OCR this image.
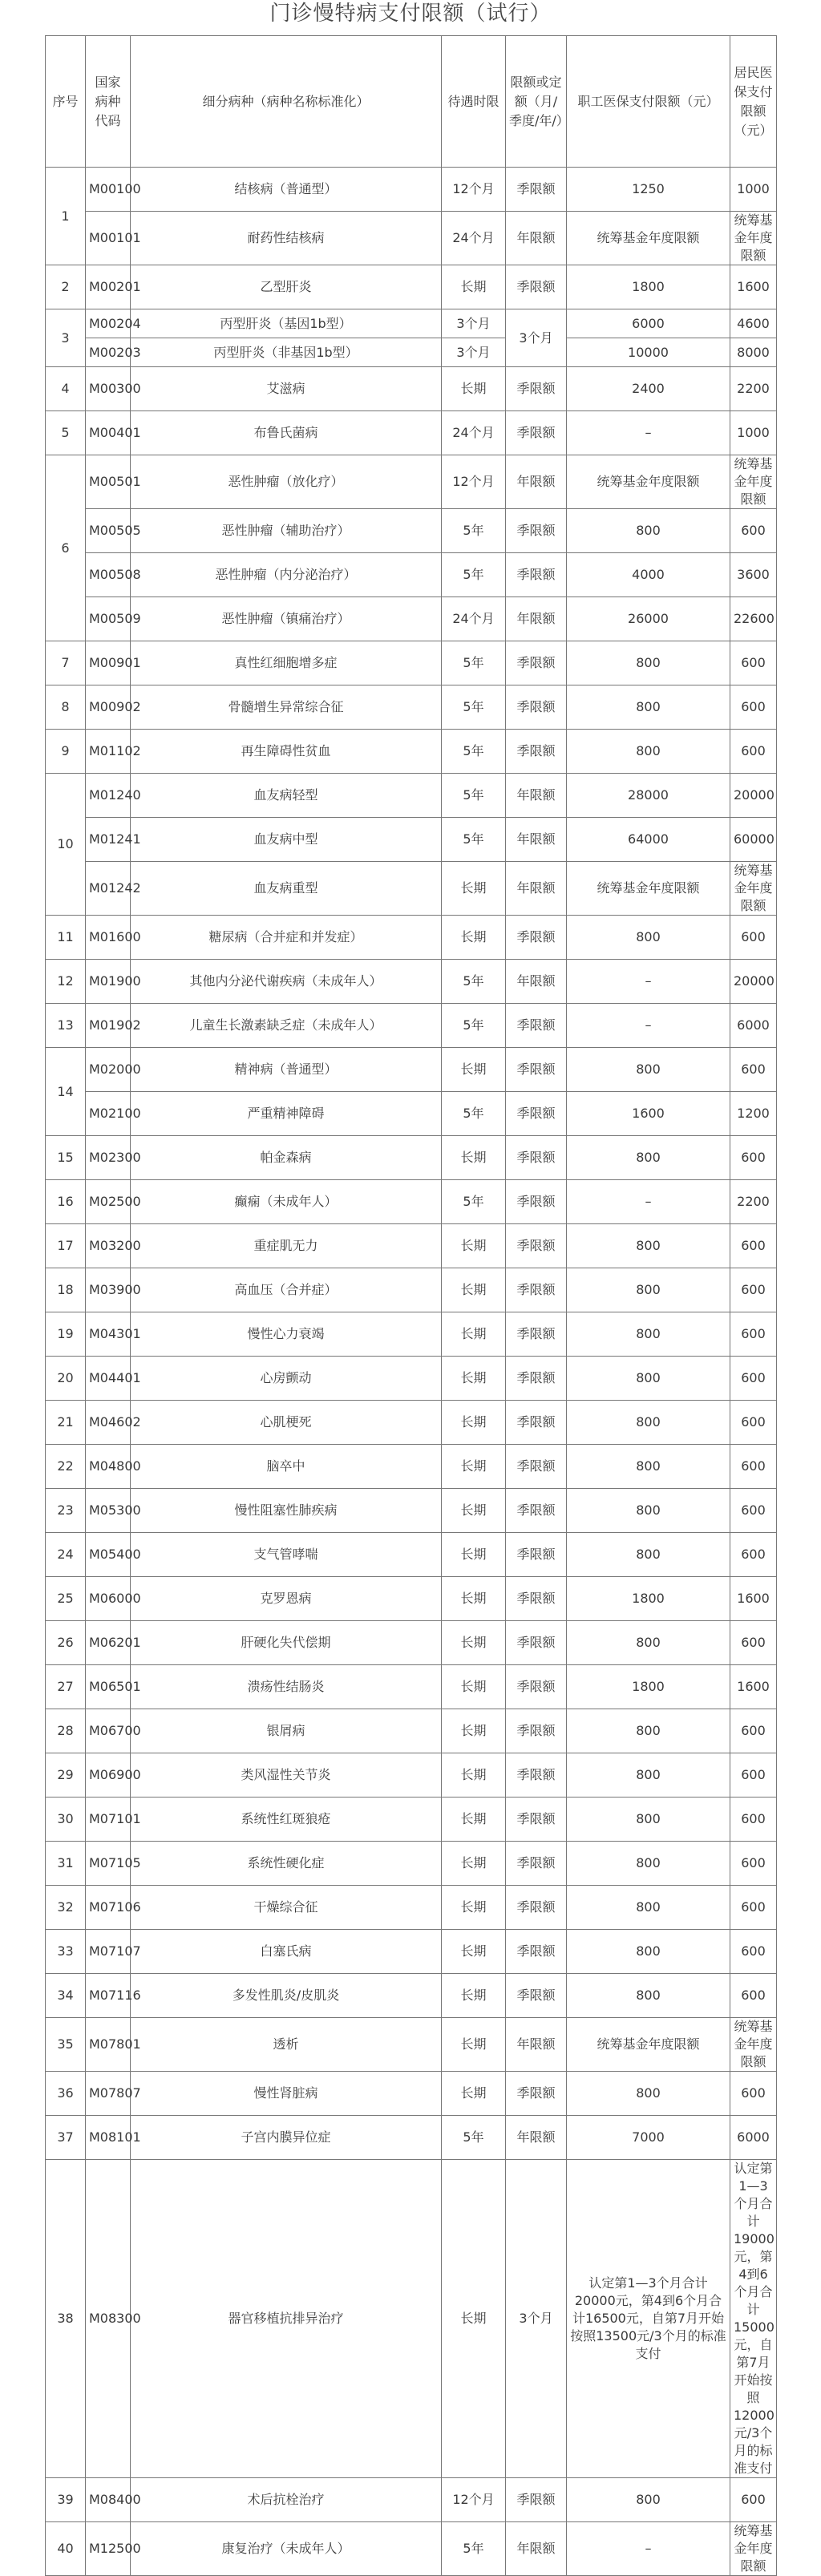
门诊慢特病支付限额（试行）
序号	国家病种代码	细分病种（病种名称标准化）	待遇时限	限额或定额（月/季度/年/）	职工医保支付限额（元）	居民医保支付限额（元）
1	M00100	结核病（普通型）	12个月	季限额	1250	1000
	M00101	耐药性结核病	24个月	年限额	统筹基金年度限额	统筹基金年度限额
2	M00201	乙型肝炎	长期	季限额	1800	1600
3	M00204	丙型肝炎（基因1b型）	3个月	3个月	6000	4600
	M00203	丙型肝炎（非基因1b型）	3个月		10000	8000
4	M00300	艾滋病	长期	季限额	2400	2200
5	M00401	布鲁氏菌病	24个月	季限额	–	1000
6	M00501	恶性肿瘤（放化疗）	12个月	年限额	统筹基金年度限额	统筹基金年度限额
	M00505	恶性肿瘤（辅助治疗）	5年	季限额	800	600
	M00508	恶性肿瘤（内分泌治疗）	5年	季限额	4000	3600
	M00509	恶性肿瘤（镇痛治疗）	24个月	年限额	26000	22600
7	M00901	真性红细胞增多症	5年	季限额	800	600
8	M00902	骨髓增生异常综合征	5年	季限额	800	600
9	M01102	再生障碍性贫血	5年	季限额	800	600
10	M01240	血友病轻型	5年	年限额	28000	20000
	M01241	血友病中型	5年	年限额	64000	60000
	M01242	血友病重型	长期	年限额	统筹基金年度限额	统筹基金年度限额
11	M01600	糖尿病（合并症和并发症）	长期	季限额	800	600
12	M01900	其他内分泌代谢疾病（未成年人）	5年	年限额	–	20000
13	M01902	儿童生长激素缺乏症（未成年人）	5年	季限额	–	6000
14	M02000	精神病（普通型）	长期	季限额	800	600
	M02100	严重精神障碍	5年	季限额	1600	1200
15	M02300	帕金森病	长期	季限额	800	600
16	M02500	癫痫（未成年人）	5年	季限额	–	2200
17	M03200	重症肌无力	长期	季限额	800	600
18	M03900	高血压（合并症）	长期	季限额	800	600
19	M04301	慢性心力衰竭	长期	季限额	800	600
20	M04401	心房颤动	长期	季限额	800	600
21	M04602	心肌梗死	长期	季限额	800	600
22	M04800	脑卒中	长期	季限额	800	600
23	M05300	慢性阻塞性肺疾病	长期	季限额	800	600
24	M05400	支气管哮喘	长期	季限额	800	600
25	M06000	克罗恩病	长期	季限额	1800	1600
26	M06201	肝硬化失代偿期	长期	季限额	800	600
27	M06501	溃疡性结肠炎	长期	季限额	1800	1600
28	M06700	银屑病	长期	季限额	800	600
29	M06900	类风湿性关节炎	长期	季限额	800	600
30	M07101	系统性红斑狼疮	长期	季限额	800	600
31	M07105	系统性硬化症	长期	季限额	800	600
32	M07106	干燥综合征	长期	季限额	800	600
33	M07107	白塞氏病	长期	季限额	800	600
34	M07116	多发性肌炎/皮肌炎	长期	季限额	800	600
35	M07801	透析	长期	年限额	统筹基金年度限额	统筹基金年度限额
36	M07807	慢性肾脏病	长期	季限额	800	600
37	M08101	子宫内膜异位症	5年	年限额	7000	6000
38	M08300	器官移植抗排异治疗	长期	3个月	认定第1—3个月合计20000元，第4到6个月合计16500元，自第7月开始按照13500元/3个月的标准支付	认定第1—3个月合计19000元，第4到6个月合计15000元，自第7月开始按照12000元/3个月的标准支付
39	M08400	术后抗栓治疗	12个月	季限额	800	600
40	M12500	康复治疗（未成年人）	5年	年限额	–	统筹基金年度限额
